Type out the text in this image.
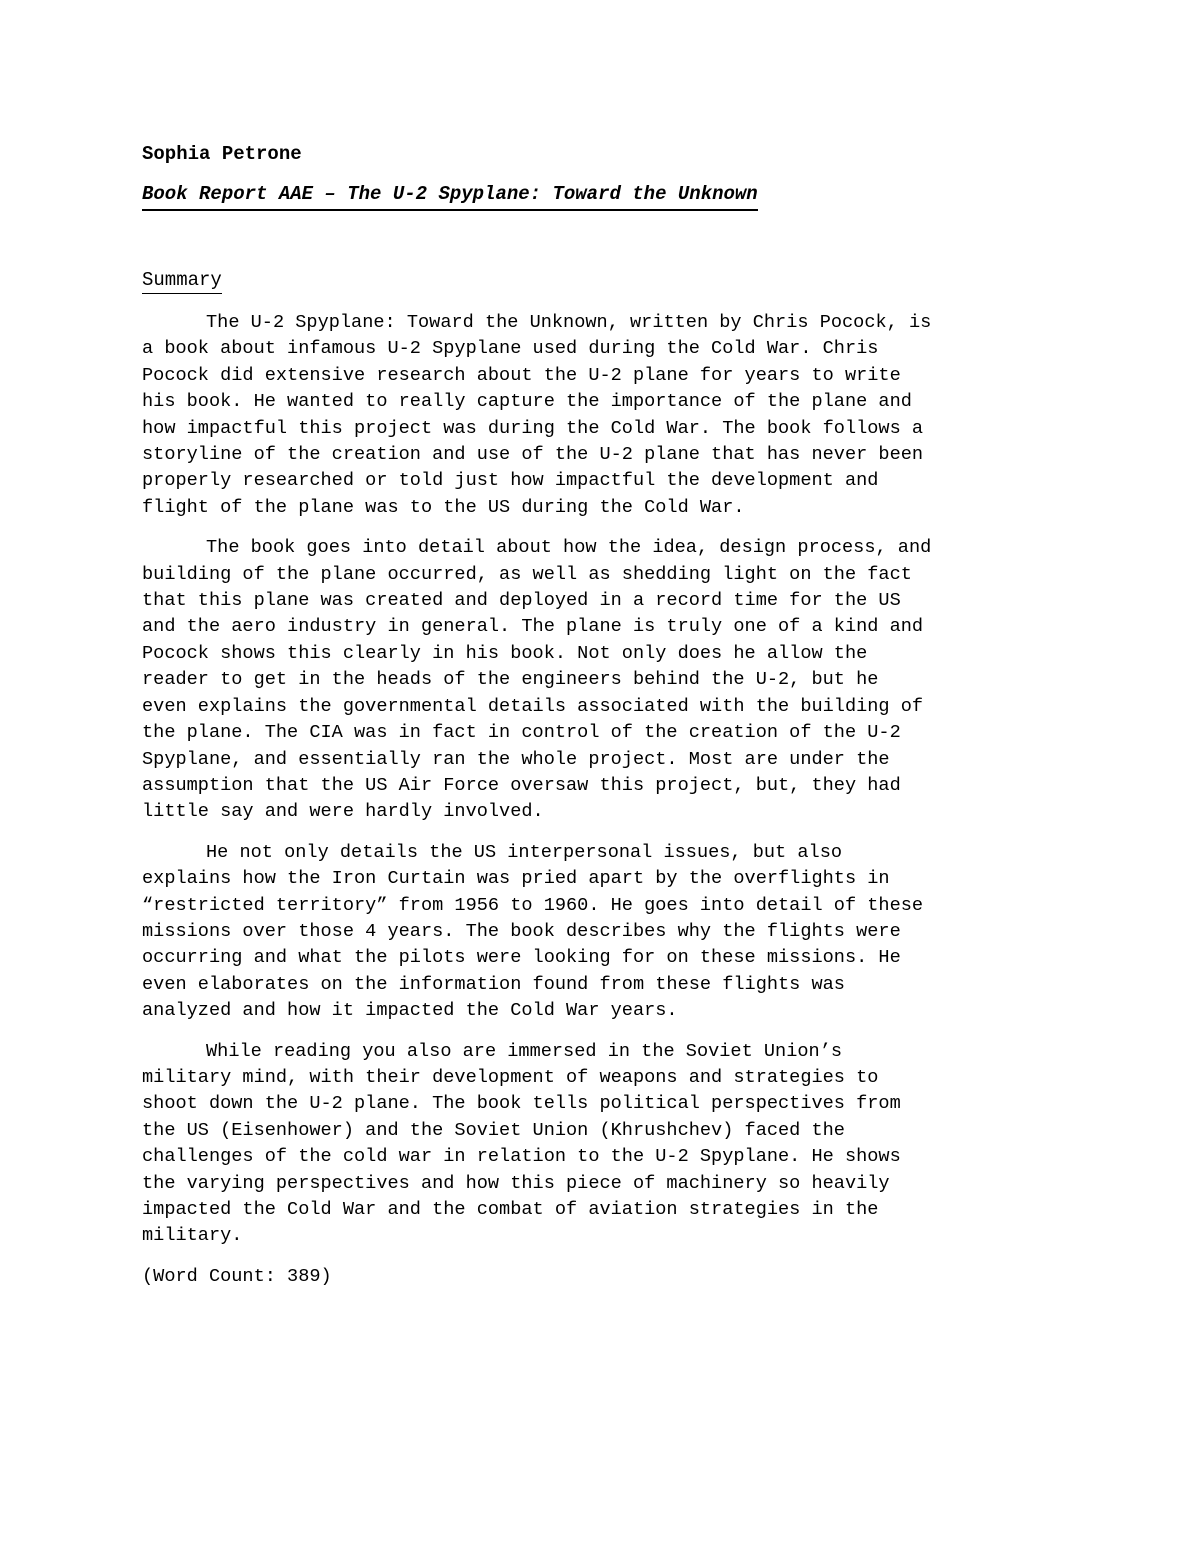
Sophia Petrone
Book Report AAE – The U-2 Spyplane: Toward the Unknown
Summary
The U-2 Spyplane: Toward the Unknown, written by Chris Pocock, is
a book about infamous U-2 Spyplane used during the Cold War. Chris
Pocock did extensive research about the U-2 plane for years to write
his book. He wanted to really capture the importance of the plane and
how impactful this project was during the Cold War. The book follows a
storyline of the creation and use of the U-2 plane that has never been
properly researched or told just how impactful the development and
flight of the plane was to the US during the Cold War.
The book goes into detail about how the idea, design process, and
building of the plane occurred, as well as shedding light on the fact
that this plane was created and deployed in a record time for the US
and the aero industry in general. The plane is truly one of a kind and
Pocock shows this clearly in his book. Not only does he allow the
reader to get in the heads of the engineers behind the U-2, but he
even explains the governmental details associated with the building of
the plane. The CIA was in fact in control of the creation of the U-2
Spyplane, and essentially ran the whole project. Most are under the
assumption that the US Air Force oversaw this project, but, they had
little say and were hardly involved.
He not only details the US interpersonal issues, but also
explains how the Iron Curtain was pried apart by the overflights in
“restricted territory” from 1956 to 1960. He goes into detail of these
missions over those 4 years. The book describes why the flights were
occurring and what the pilots were looking for on these missions. He
even elaborates on the information found from these flights was
analyzed and how it impacted the Cold War years.
While reading you also are immersed in the Soviet Union’s
military mind, with their development of weapons and strategies to
shoot down the U-2 plane. The book tells political perspectives from
the US (Eisenhower) and the Soviet Union (Khrushchev) faced the
challenges of the cold war in relation to the U-2 Spyplane. He shows
the varying perspectives and how this piece of machinery so heavily
impacted the Cold War and the combat of aviation strategies in the
military.
(Word Count: 389)
